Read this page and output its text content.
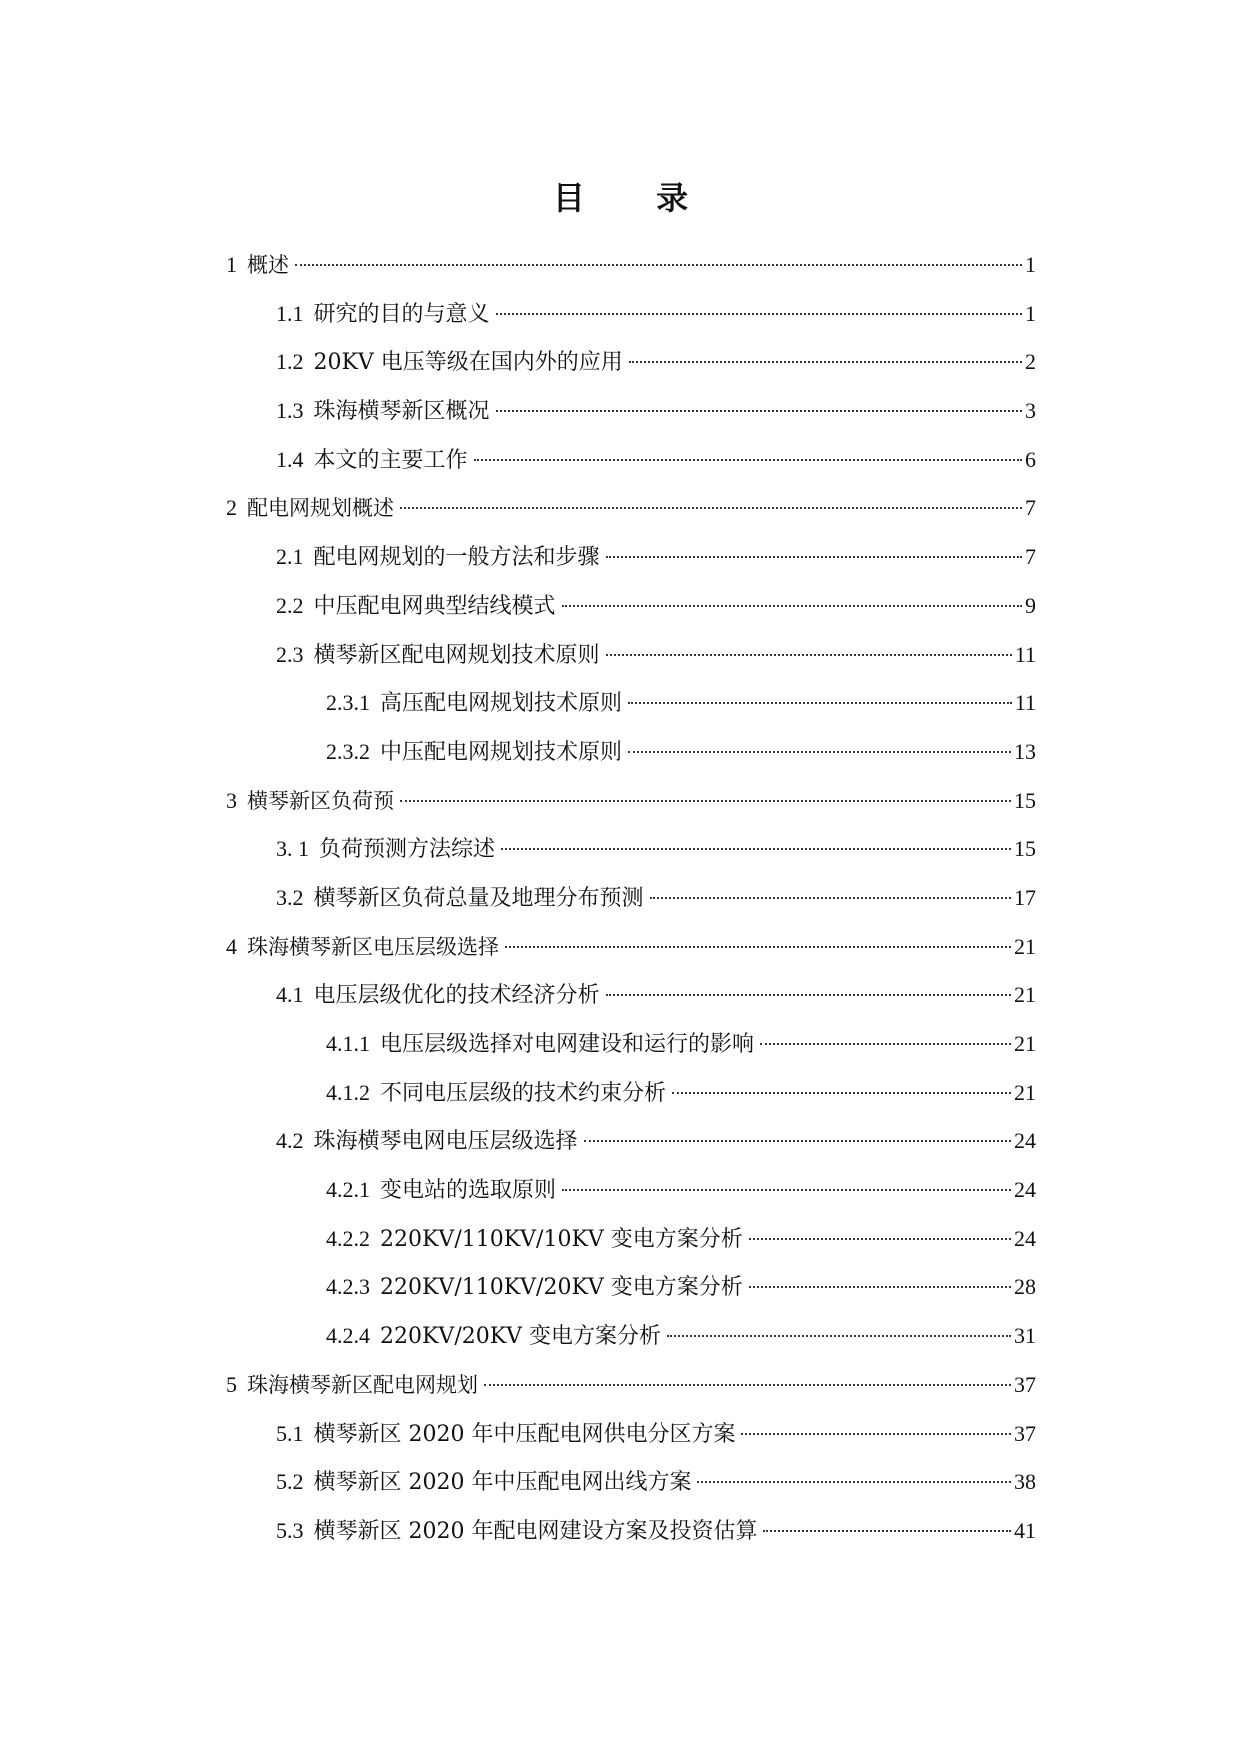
目 录
1 概述	1
1.1 研究的目的与意义	1
1.2 20KV 电压等级在国内外的应用	2
1.3 珠海横琴新区概况	3
1.4 本文的主要工作	6
2 配电网规划概述	7
2.1 配电网规划的一般方法和步骤	7
2.2 中压配电网典型结线模式	9
2.3 横琴新区配电网规划技术原则	11
2.3.1 高压配电网规划技术原则	11
2.3.2 中压配电网规划技术原则	13
3 横琴新区负荷预	15
3. 1 负荷预测方法综述	15
3.2 横琴新区负荷总量及地理分布预测	17
4 珠海横琴新区电压层级选择	21
4.1 电压层级优化的技术经济分析	21
4.1.1 电压层级选择对电网建设和运行的影响	21
4.1.2 不同电压层级的技术约束分析	21
4.2 珠海横琴电网电压层级选择	24
4.2.1 变电站的选取原则	24
4.2.2 220KV/110KV/10KV 变电方案分析	24
4.2.3 220KV/110KV/20KV 变电方案分析	28
4.2.4 220KV/20KV 变电方案分析	31
5 珠海横琴新区配电网规划	37
5.1 横琴新区 2020 年中压配电网供电分区方案	37
5.2 横琴新区 2020 年中压配电网出线方案	38
5.3 横琴新区 2020 年配电网建设方案及投资估算	41
